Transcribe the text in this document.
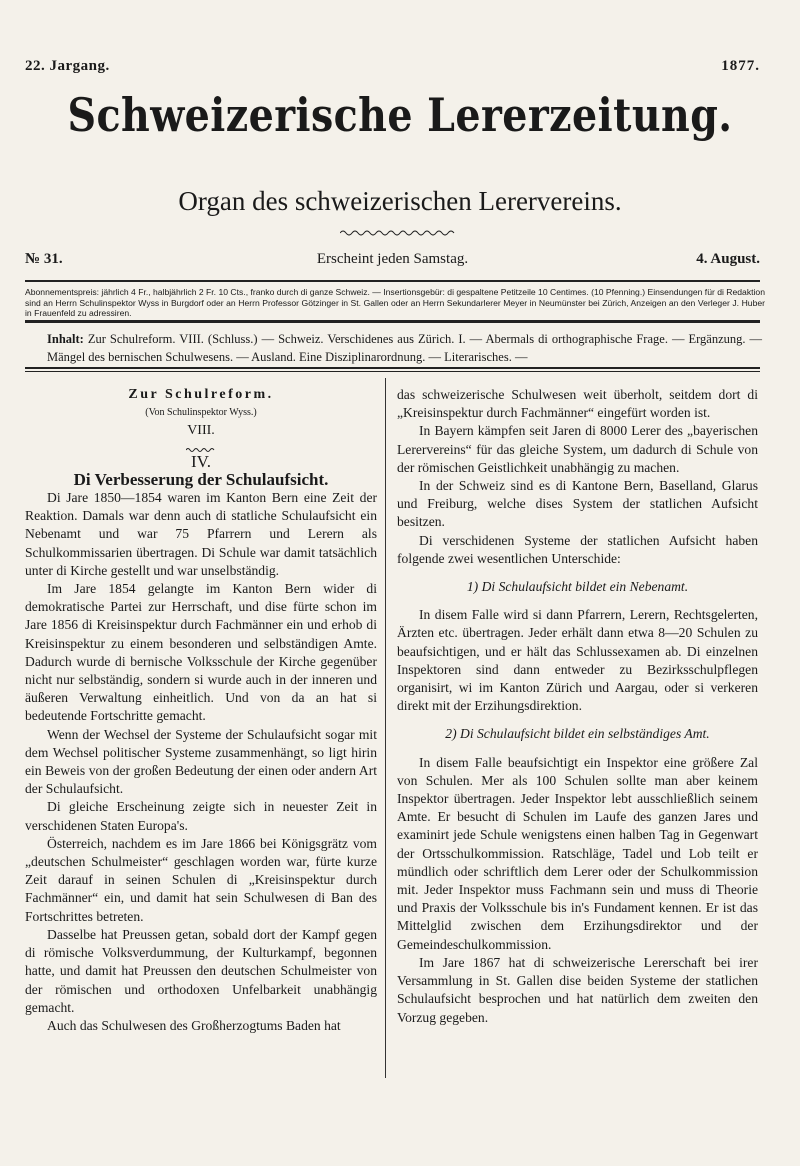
22. Jargang.	1877.
Schweizerische Lererzeitung.
Organ des schweizerischen Lerervereins.
Erscheint jeden Samstag.
№ 31.	4. August.
Abonnementspreis: jährlich 4 Fr., halbjährlich 2 Fr. 10 Cts., franko durch di ganze Schweiz. — Insertionsgebür: di gespaltene Petitzeile 10 Centimes. (10 Pfenning.) Einsendungen für di Redaktion sind an Herrn Schulinspektor Wyss in Burgdorf oder an Herrn Professor Götzinger in St. Gallen oder an Herrn Sekundarlerer Meyer in Neumünster bei Zürich, Anzeigen an den Verleger J. Huber in Frauenfeld zu adressiren.
Inhalt: Zur Schulreform. VIII. (Schluss.) — Schweiz. Verschidenes aus Zürich. I. — Abermals di orthographische Frage. — Ergänzung. — Mängel des bernischen Schulwesens. — Ausland. Eine Disziplinarordnung. — Literarisches. —

Zur Schulreform.

(Von Schulinspektor Wyss.)

VIII.

IV.

Di Verbesserung der Schulaufsicht.

Di Jare 1850—1854 waren im Kanton Bern eine Zeit der Reaktion. Damals war denn auch di statliche Schulaufsicht ein Nebenamt und war 75 Pfarrern und Lerern als Schulkommissarien übertragen. Di Schule war damit tatsächlich unter di Kirche gestellt und war unselbständig.

Im Jare 1854 gelangte im Kanton Bern wider di demokratische Partei zur Herrschaft, und dise fürte schon im Jare 1856 di Kreisinspektur durch Fachmänner ein und erhob di Kreisinspektur zu einem besonderen und selbständigen Amte. Dadurch wurde di bernische Volksschule der Kirche gegenüber nicht nur selbständig, sondern si wurde auch in der inneren und äußeren Verwaltung einheitlich. Und von da an hat si bedeutende Fortschritte gemacht.

Wenn der Wechsel der Systeme der Schulaufsicht sogar mit dem Wechsel politischer Systeme zusammenhängt, so ligt hirin ein Beweis von der großen Bedeutung der einen oder andern Art der Schulaufsicht.

Di gleiche Erscheinung zeigte sich in neuester Zeit in verschidenen Staten Europa's.

Österreich, nachdem es im Jare 1866 bei Königsgrätz vom „deutschen Schulmeister“ geschlagen worden war, fürte kurze Zeit darauf in seinen Schulen di „Kreisinspektur durch Fachmänner“ ein, und damit hat sein Schulwesen di Ban des Fortschrittes betreten.

Dasselbe hat Preussen getan, sobald dort der Kampf gegen di römische Volksverdummung, der Kulturkampf, begonnen hatte, und damit hat Preussen den deutschen Schulmeister von der römischen und orthodoxen Unfelbarkeit unabhängig gemacht.

Auch das Schulwesen des Großherzogtums Baden hat

das schweizerische Schulwesen weit überholt, seitdem dort di „Kreisinspektur durch Fachmänner“ eingefürt worden ist.

In Bayern kämpfen seit Jaren di 8000 Lerer des „bayerischen Lerervereins“ für das gleiche System, um dadurch di Schule von der römischen Geistlichkeit unabhängig zu machen.

In der Schweiz sind es di Kantone Bern, Baselland, Glarus und Freiburg, welche dises System der statlichen Aufsicht besitzen.

Di verschidenen Systeme der statlichen Aufsicht haben folgende zwei wesentlichen Unterschide:

1) Di Schulaufsicht bildet ein Nebenamt.

In disem Falle wird si dann Pfarrern, Lerern, Rechtsgelerten, Ärzten etc. übertragen. Jeder erhält dann etwa 8—20 Schulen zu beaufsichtigen, und er hält das Schlussexamen ab. Di einzelnen Inspektoren sind dann entweder zu Bezirksschulpflegen organisirt, wi im Kanton Zürich und Aargau, oder si verkeren direkt mit der Erzihungsdirektion.

2) Di Schulaufsicht bildet ein selbständiges Amt.

In disem Falle beaufsichtigt ein Inspektor eine größere Zal von Schulen. Mer als 100 Schulen sollte man aber keinem Inspektor übertragen. Jeder Inspektor lebt ausschließlich seinem Amte. Er besucht di Schulen im Laufe des ganzen Jares und examinirt jede Schule wenigstens einen halben Tag in Gegenwart der Ortsschulkommission. Ratschläge, Tadel und Lob teilt er mündlich oder schriftlich dem Lerer oder der Schulkommission mit. Jeder Inspektor muss Fachmann sein und muss di Theorie und Praxis der Volksschule bis in's Fundament kennen. Er ist das Mittelglid zwischen dem Erzihungsdirektor und der Gemeindeschulkommission.

Im Jare 1867 hat di schweizerische Lererschaft bei irer Versammlung in St. Gallen dise beiden Systeme der statlichen Schulaufsicht besprochen und hat natürlich dem zweiten den Vorzug gegeben.
